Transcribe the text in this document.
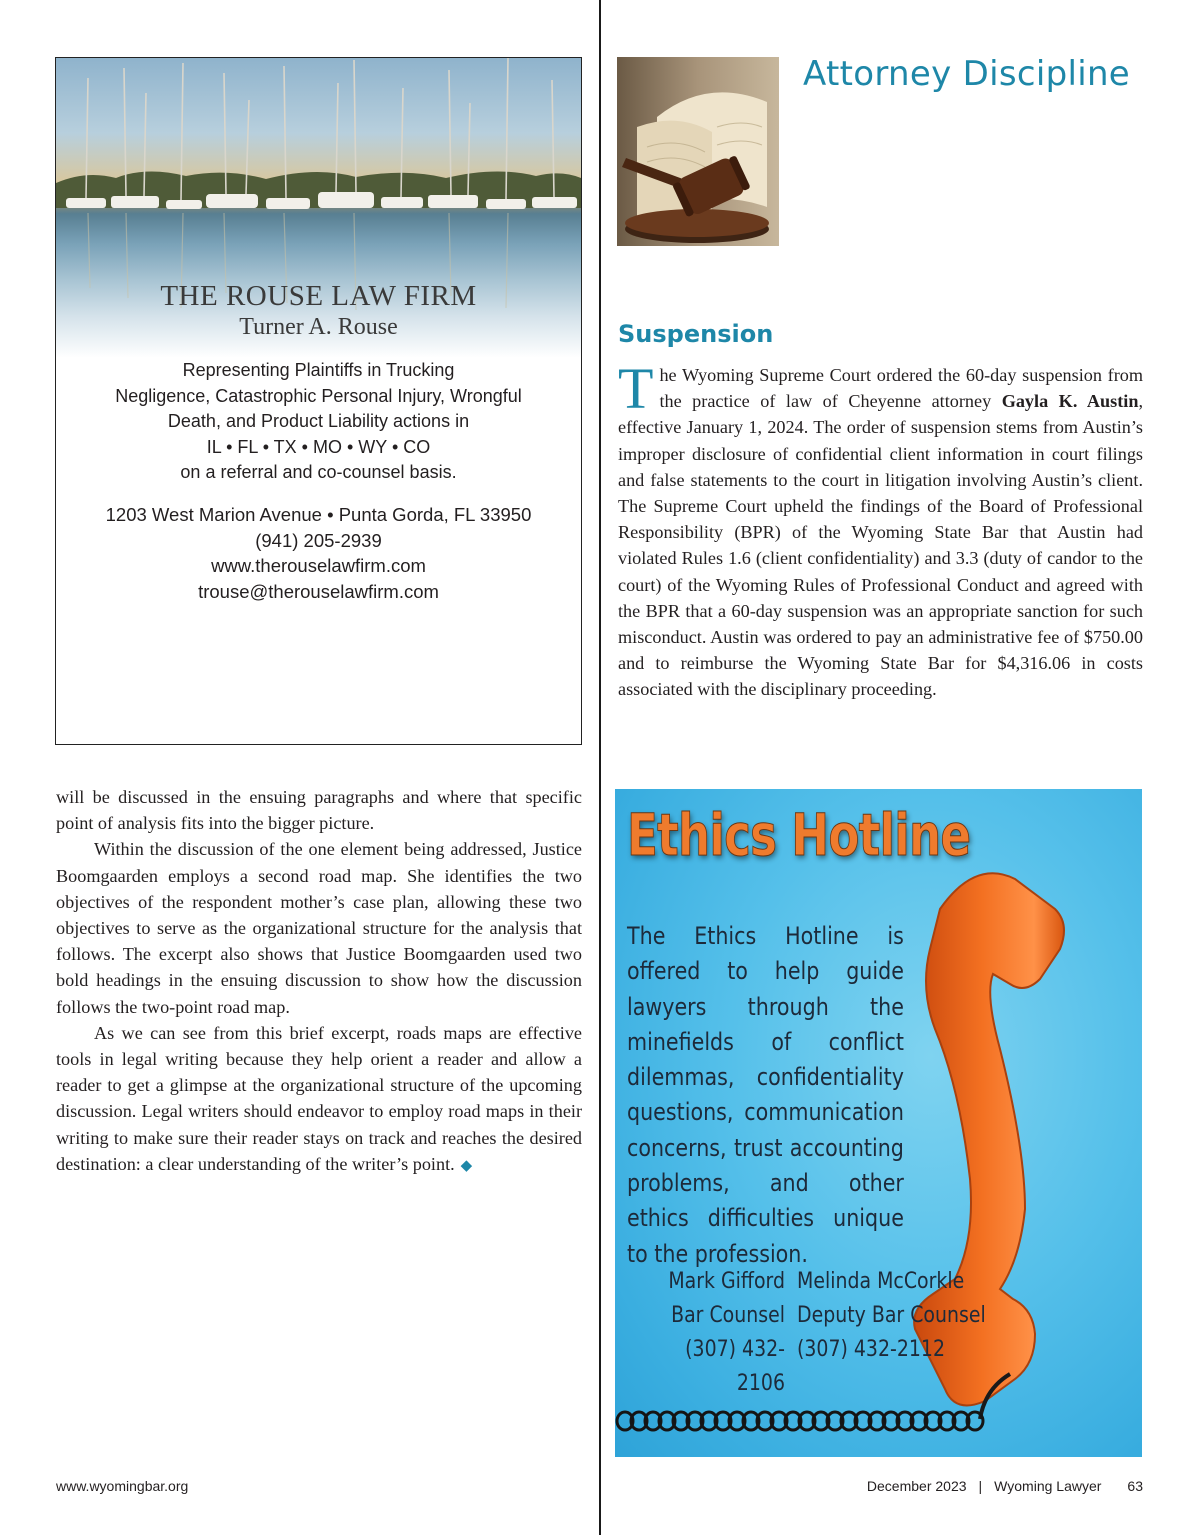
THE ROUSE LAW FIRM
Turner A. Rouse
Representing Plaintiffs in Trucking
Negligence, Catastrophic Personal Injury, Wrongful
Death, and Product Liability actions in
IL • FL • TX • MO • WY • CO
on a referral and co-counsel basis.
1203 West Marion Avenue • Punta Gorda, FL 33950
(941) 205-2939
www.therouselawfirm.com
trouse@therouselawfirm.com

will be discussed in the ensuing paragraphs and where that specific point of analysis fits into the bigger picture.

Within the discussion of the one element being addressed, Justice Boomgaarden employs a second road map. She identifies the two objectives of the respondent mother’s case plan, allowing these two objectives to serve as the organizational structure for the analysis that follows. The excerpt also shows that Justice Boomgaarden used two bold headings in the ensuing discussion to show how the discussion follows the two-point road map.

As we can see from this brief excerpt, roads maps are effective tools in legal writing because they help orient a reader and allow a reader to get a glimpse at the organizational structure of the upcoming discussion. Legal writers should endeavor to employ road maps in their writing to make sure their reader stays on track and reaches the desired destination: a clear understanding of the writer’s point. ◆

Attorney Discipline
Suspension

The Wyoming Supreme Court ordered the 60-day suspension from the practice of law of Cheyenne attorney Gayla K. Austin, effective January 1, 2024. The order of suspension stems from Austin’s improper disclosure of confidential client information in court filings and false statements to the court in litigation involving Austin’s client. The Supreme Court upheld the findings of the Board of Professional Responsibility (BPR) of the Wyoming State Bar that Austin had violated Rules 1.6 (client confidentiality) and 3.3 (duty of candor to the court) of the Wyoming Rules of Professional Conduct and agreed with the BPR that a 60-day suspension was an appropriate sanction for such misconduct. Austin was ordered to pay an administrative fee of $750.00 and to reimburse the Wyoming State Bar for $4,316.06 in costs associated with the disciplinary proceeding.

Ethics Hotline
The Ethics Hotline is offered to help guide lawyers through the minefields of conflict dilemmas, confidentiality questions, communication concerns, trust accounting problems, and other ethics difficulties unique to the profession.
Mark Gifford
Bar Counsel
(307) 432-2106
Melinda McCorkle
Deputy Bar Counsel
(307) 432-2112
www.wyomingbar.org	December 2023 | Wyoming Lawyer 63
